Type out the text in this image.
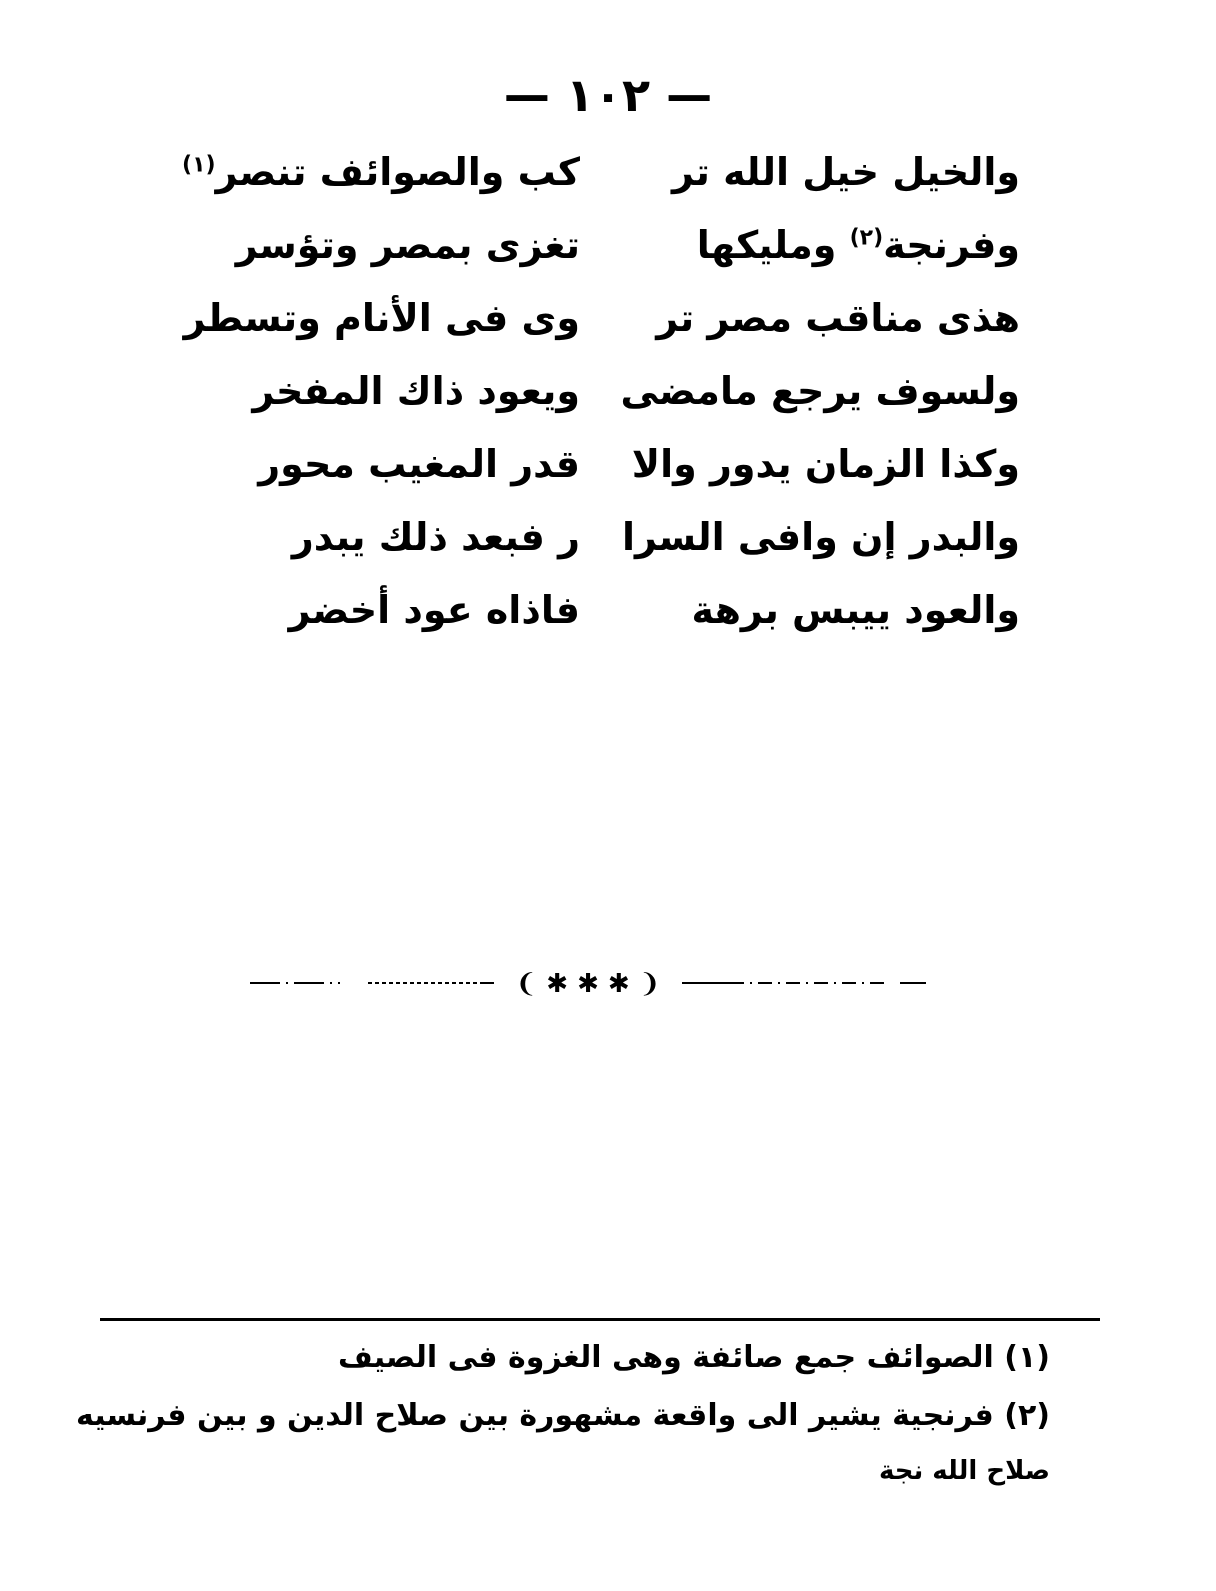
— ١٠٢ —
والخيل خيل الله تر
كب والصوائف تنصر$^{(١)}$
وفرنجة$^{(٢)}$ ومليكها
تغزى بمصر وتؤسر
هذى مناقب مصر تر
وى فى الأنام وتسطر
ولسوف يرجع مامضى
ويعود ذاك المفخر
وكذا الزمان يدور والا
قدر المغيب محور
والبدر إن وافى السرا
ر فبعد ذلك يبدر
والعود ييبس برهة
فاذاه عود أخضر
❨ ✱ ✱ ✱ ❩
(١) الصوائف جمع صائفة وهى الغزوة فى الصيف
(٢) فرنجية يشير الى واقعة مشهورة بين صلاح الدين و بين فرنسيه
صلاح الله نجة
